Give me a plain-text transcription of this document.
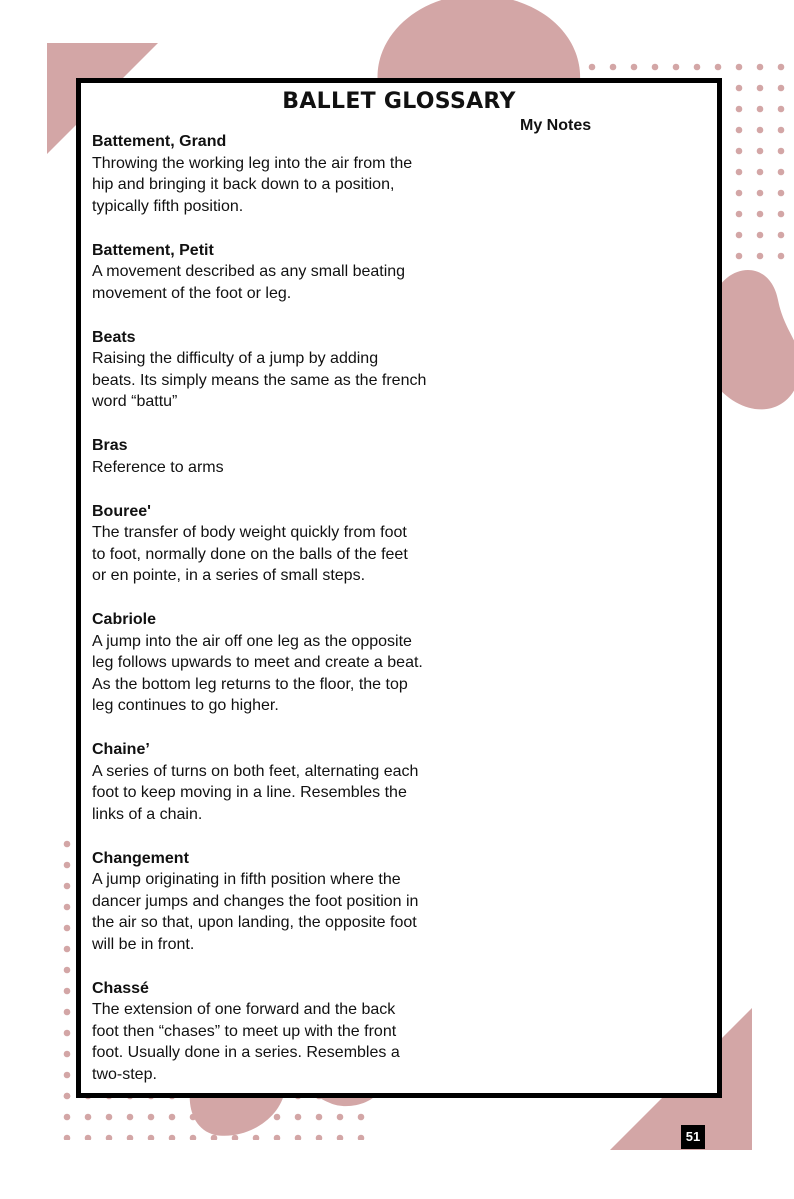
BALLET GLOSSARY
My Notes
Battement, Grand
Throwing the working leg into the air from the
hip and bringing it back down to a position,
typically fifth position.
Battement, Petit
A movement described as any small beating
movement of the foot or leg.
Beats
Raising the difficulty of a jump by adding
beats. Its simply means the same as the french
word “battu”
Bras
Reference to arms
Bouree'
The transfer of body weight quickly from foot
to foot, normally done on the balls of the feet
or en pointe, in a series of small steps.
Cabriole
A jump into the air off one leg as the opposite
leg follows upwards to meet and create a beat.
As the bottom leg returns to the floor, the top
leg continues to go higher.
Chaine’
A series of turns on both feet, alternating each
foot to keep moving in a line. Resembles the
links of a chain.
Changement
A jump originating in fifth position where the
dancer jumps and changes the foot position in
the air so that, upon landing, the opposite foot
will be in front.
Chassé
The extension of one forward and the back
foot then “chases” to meet up with the front
foot. Usually done in a series. Resembles a
two-step.
51
